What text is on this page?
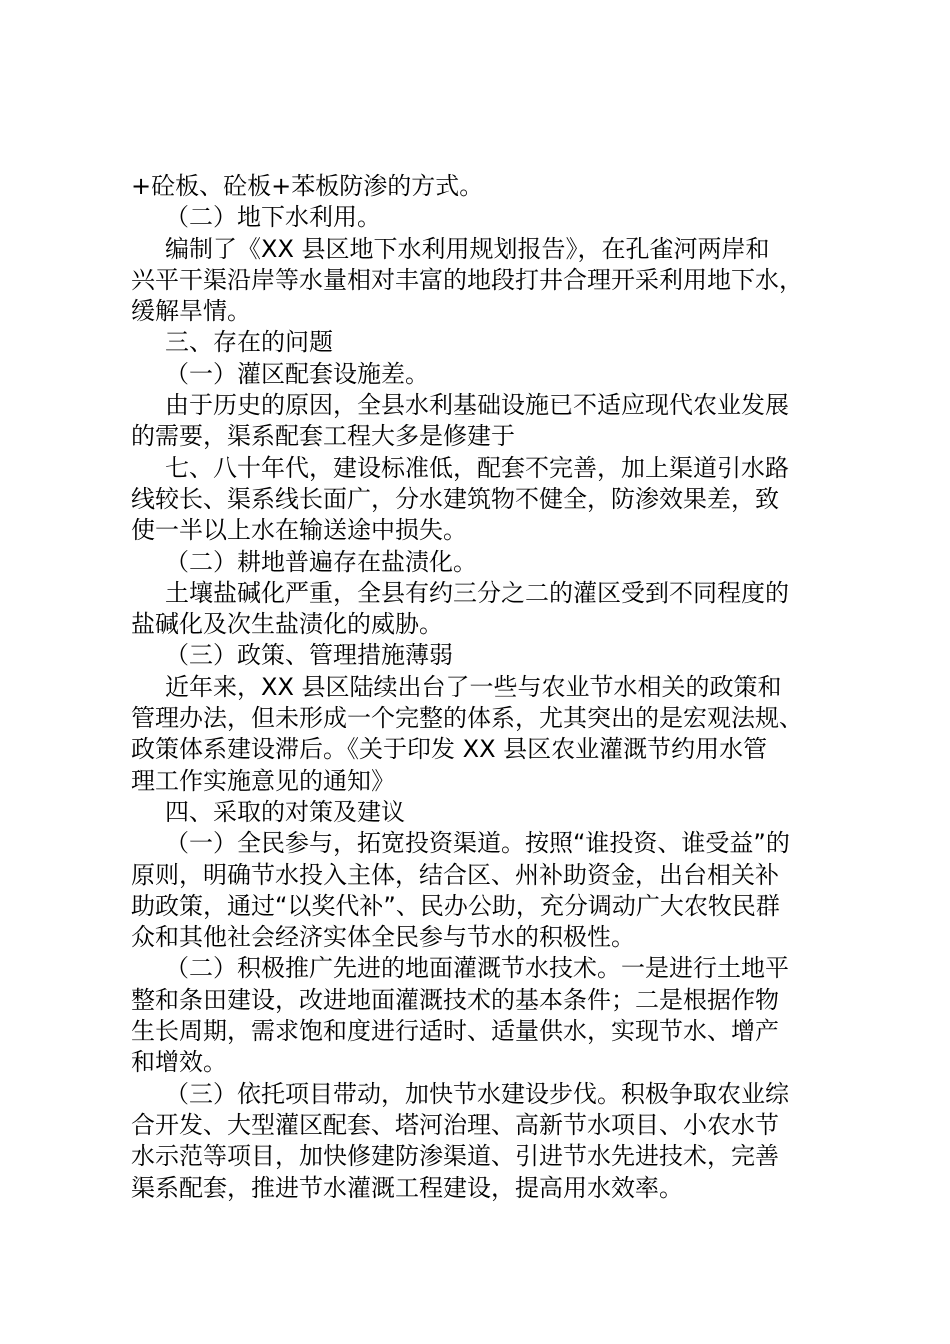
+砼板、砼板+苯板防渗的方式。
（二）地下水利用。
编制了《XX 县区地下水利用规划报告》，在孔雀河两岸和
兴平干渠沿岸等水量相对丰富的地段打井合理开采利用地下水，
缓解旱情。
三、存在的问题
（一）灌区配套设施差。
由于历史的原因，全县水利基础设施已不适应现代农业发展
的需要，渠系配套工程大多是修建于
七、八十年代，建设标准低，配套不完善，加上渠道引水路
线较长、渠系线长面广，分水建筑物不健全，防渗效果差，致
使一半以上水在输送途中损失。
（二）耕地普遍存在盐渍化。
土壤盐碱化严重，全县有约三分之二的灌区受到不同程度的
盐碱化及次生盐渍化的威胁。
（三）政策、管理措施薄弱
近年来，XX 县区陆续出台了一些与农业节水相关的政策和
管理办法，但未形成一个完整的体系，尤其突出的是宏观法规、
政策体系建设滞后。《关于印发 XX 县区农业灌溉节约用水管
理工作实施意见的通知》
四、采取的对策及建议
（一）全民参与，拓宽投资渠道。按照“谁投资、谁受益”的
原则，明确节水投入主体，结合区、州补助资金，出台相关补
助政策，通过“以奖代补”、民办公助，充分调动广大农牧民群
众和其他社会经济实体全民参与节水的积极性。
（二）积极推广先进的地面灌溉节水技术。一是进行土地平
整和条田建设，改进地面灌溉技术的基本条件；二是根据作物
生长周期，需求饱和度进行适时、适量供水，实现节水、增产
和增效。
（三）依托项目带动，加快节水建设步伐。积极争取农业综
合开发、大型灌区配套、塔河治理、高新节水项目、小农水节
水示范等项目，加快修建防渗渠道、引进节水先进技术，完善
渠系配套，推进节水灌溉工程建设，提高用水效率。
